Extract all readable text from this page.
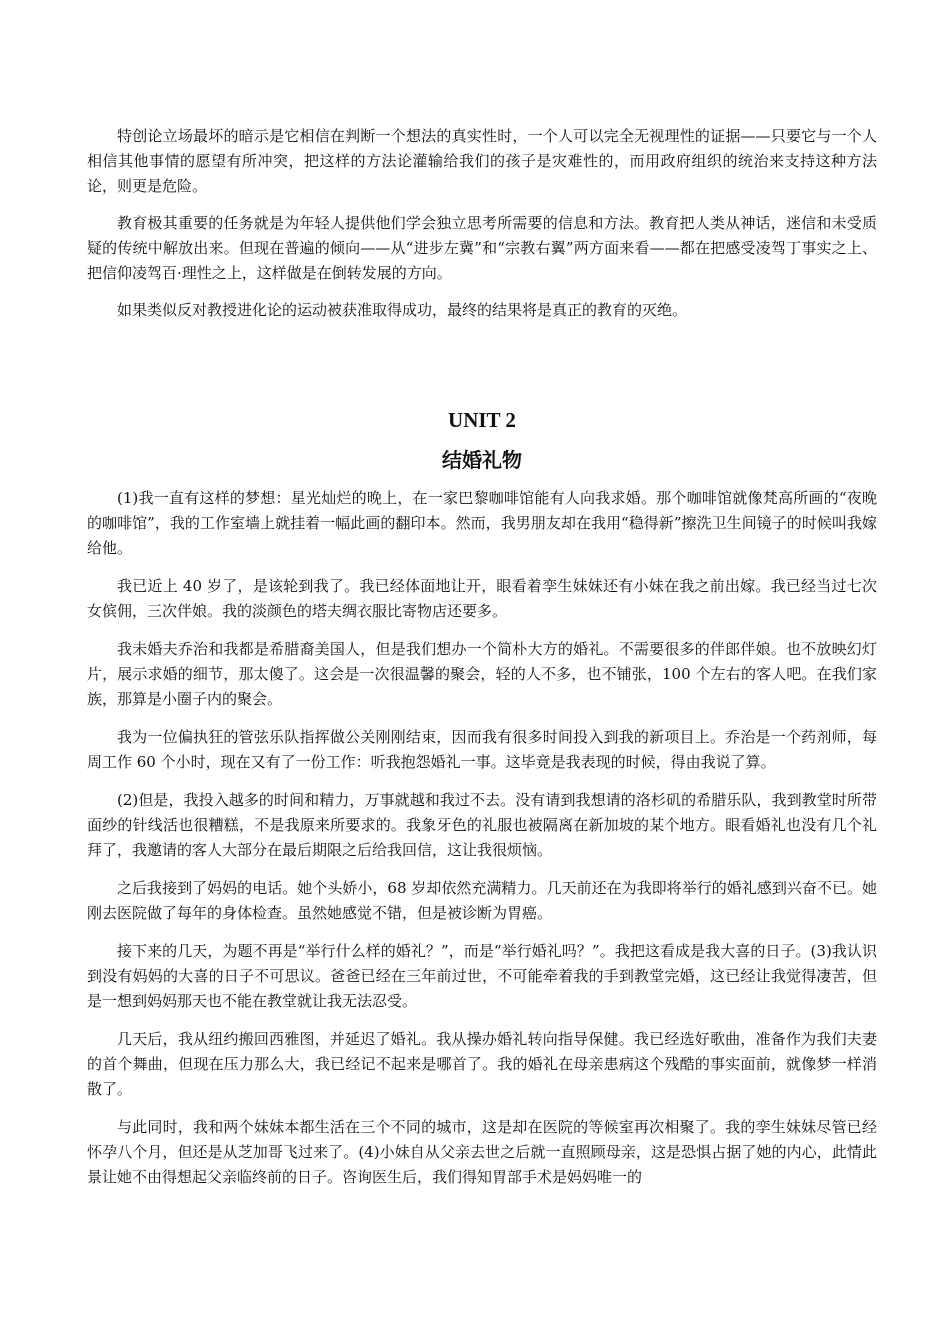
特创论立场最坏的暗示是它相信在判断一个想法的真实性时，一个人可以完全无视理性的证据——只要它与一个人相信其他事情的愿望有所冲突，把这样的方法论灌输给我们的孩子是灾难性的，而用政府组织的统治来支持这种方法论，则更是危险。

教育极其重要的任务就是为年轻人提供他们学会独立思考所需要的信息和方法。教育把人类从神话，迷信和未受质疑的传统中解放出来。但现在普遍的倾向——从“进步左冀”和“宗教右翼”两方面来看——都在把感受凌驾丁事实之上、把信仰凌驾百·理性之上，这样做是在倒转发展的方向。

如果类似反对教授进化论的运动被获准取得成功，最终的结果将是真正的教育的灭绝。

UNIT 2
结婚礼物

(1)我一直有这样的梦想：星光灿烂的晚上，在一家巴黎咖啡馆能有人向我求婚。那个咖啡馆就像梵高所画的“夜晚的咖啡馆”，我的工作室墙上就挂着一幅此画的翻印本。然而，我男朋友却在我用“稳得新”擦洗卫生间镜子的时候叫我嫁给他。

我已近上 40 岁了，是该轮到我了。我已经体面地让开，眼看着孪生妹妹还有小妹在我之前出嫁。我已经当过七次女傧佣，三次伴娘。我的淡颜色的塔夫绸衣服比寄物店还要多。

我未婚夫乔治和我都是希腊裔美国人，但是我们想办一个简朴大方的婚礼。不需要很多的伴郎伴娘。也不放映幻灯片，展示求婚的细节，那太傻了。这会是一次很温馨的聚会，轻的人不多，也不铺张，100 个左右的客人吧。在我们家族，那算是小圈子内的聚会。

我为一位偏执狂的管弦乐队指挥做公关刚刚结束，因而我有很多时间投入到我的新项目上。乔治是一个药剂师，每周工作 60 个小时，现在又有了一份工作：听我抱怨婚礼一事。这毕竟是我表现的时候，得由我说了算。

(2)但是，我投入越多的时间和精力，万事就越和我过不去。没有请到我想请的洛杉矶的希腊乐队，我到教堂时所带面纱的针线活也很糟糕，不是我原来所要求的。我象牙色的礼服也被隔离在新加坡的某个地方。眼看婚礼也没有几个礼拜了，我邀请的客人大部分在最后期限之后给我回信，这让我很烦恼。

之后我接到了妈妈的电话。她个头娇小，68 岁却依然充满精力。几天前还在为我即将举行的婚礼感到兴奋不已。她刚去医院做了每年的身体检查。虽然她感觉不错，但是被诊断为胃癌。

接下来的几天，为题不再是“举行什么样的婚礼？”，而是“举行婚礼吗？”。我把这看成是我大喜的日子。(3)我认识到没有妈妈的大喜的日子不可思议。爸爸已经在三年前过世，不可能牵着我的手到教堂完婚，这已经让我觉得凄苦，但是一想到妈妈那天也不能在教堂就让我无法忍受。

几天后，我从纽约搬回西雅图，并延迟了婚礼。我从操办婚礼转向指导保健。我已经选好歌曲，准备作为我们夫妻的首个舞曲，但现在压力那么大，我已经记不起来是哪首了。我的婚礼在母亲患病这个残酷的事实面前，就像梦一样消散了。

与此同时，我和两个妹妹本都生活在三个不同的城市，这是却在医院的等候室再次相聚了。我的孪生妹妹尽管已经怀孕八个月，但还是从芝加哥飞过来了。(4)小妹自从父亲去世之后就一直照顾母亲，这是恐惧占据了她的内心，此情此景让她不由得想起父亲临终前的日子。咨询医生后，我们得知胃部手术是妈妈唯一的
